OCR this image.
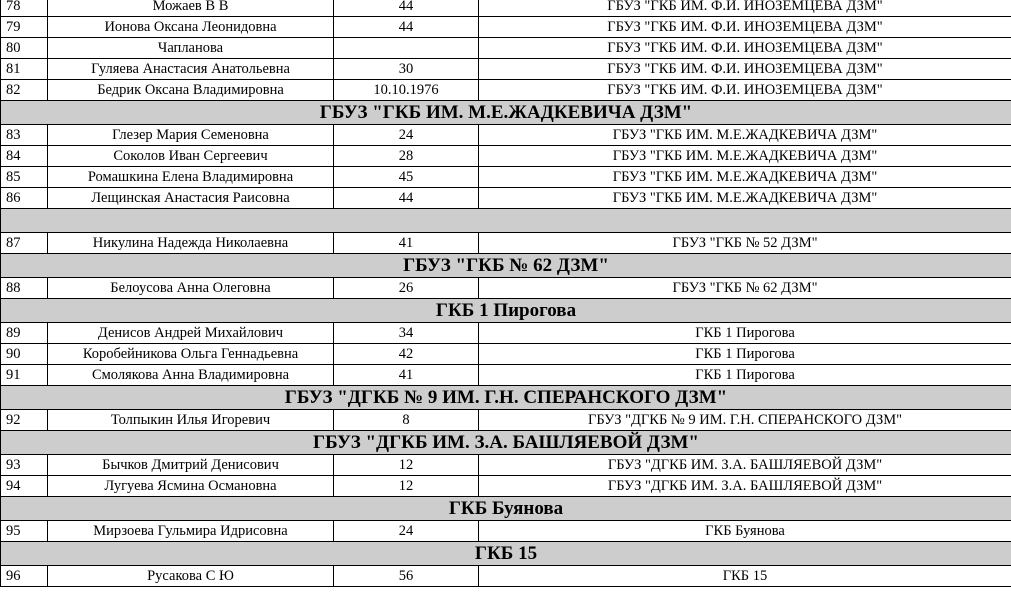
78	Можаев В В	44	ГБУЗ "ГКБ ИМ. Ф.И. ИНОЗЕМЦЕВА ДЗМ"
79	Ионова Оксана Леонидовна	44	ГБУЗ "ГКБ ИМ. Ф.И. ИНОЗЕМЦЕВА ДЗМ"
80	Чапланова		ГБУЗ "ГКБ ИМ. Ф.И. ИНОЗЕМЦЕВА ДЗМ"
81	Гуляева Анастасия Анатольевна	30	ГБУЗ "ГКБ ИМ. Ф.И. ИНОЗЕМЦЕВА ДЗМ"
82	Бедрик Оксана Владимировна	10.10.1976	ГБУЗ "ГКБ ИМ. Ф.И. ИНОЗЕМЦЕВА ДЗМ"
ГБУЗ "ГКБ ИМ. М.Е.ЖАДКЕВИЧА ДЗМ"			
83	Глезер Мария Семеновна	24	ГБУЗ "ГКБ ИМ. М.Е.ЖАДКЕВИЧА ДЗМ"
84	Соколов Иван Сергеевич	28	ГБУЗ "ГКБ ИМ. М.Е.ЖАДКЕВИЧА ДЗМ"
85	Ромашкина Елена Владимировна	45	ГБУЗ "ГКБ ИМ. М.Е.ЖАДКЕВИЧА ДЗМ"
86	Лещинская Анастасия Раисовна	44	ГБУЗ "ГКБ ИМ. М.Е.ЖАДКЕВИЧА ДЗМ"

87	Никулина Надежда Николаевна	41	ГБУЗ "ГКБ № 52 ДЗМ"
ГБУЗ "ГКБ № 62 ДЗМ"			
88	Белоусова Анна Олеговна	26	ГБУЗ "ГКБ № 62 ДЗМ"
ГКБ 1 Пирогова			
89	Денисов Андрей Михайлович	34	ГКБ 1 Пирогова
90	Коробейникова Ольга Геннадьевна	42	ГКБ 1 Пирогова
91	Смолякова Анна Владимировна	41	ГКБ 1 Пирогова
ГБУЗ "ДГКБ № 9 ИМ. Г.Н. СПЕРАНСКОГО ДЗМ"			
92	Толпыкин Илья Игоревич	8	ГБУЗ "ДГКБ № 9 ИМ. Г.Н. СПЕРАНСКОГО ДЗМ"
ГБУЗ "ДГКБ ИМ. З.А. БАШЛЯЕВОЙ ДЗМ"			
93	Бычков Дмитрий Денисович	12	ГБУЗ "ДГКБ ИМ. З.А. БАШЛЯЕВОЙ ДЗМ"
94	Лугуева Ясмина Османовна	12	ГБУЗ "ДГКБ ИМ. З.А. БАШЛЯЕВОЙ ДЗМ"
ГКБ Буянова			
95	Мирзоева Гульмира Идрисовна	24	ГКБ Буянова
ГКБ 15			
96	Русакова С Ю	56	ГКБ 15
